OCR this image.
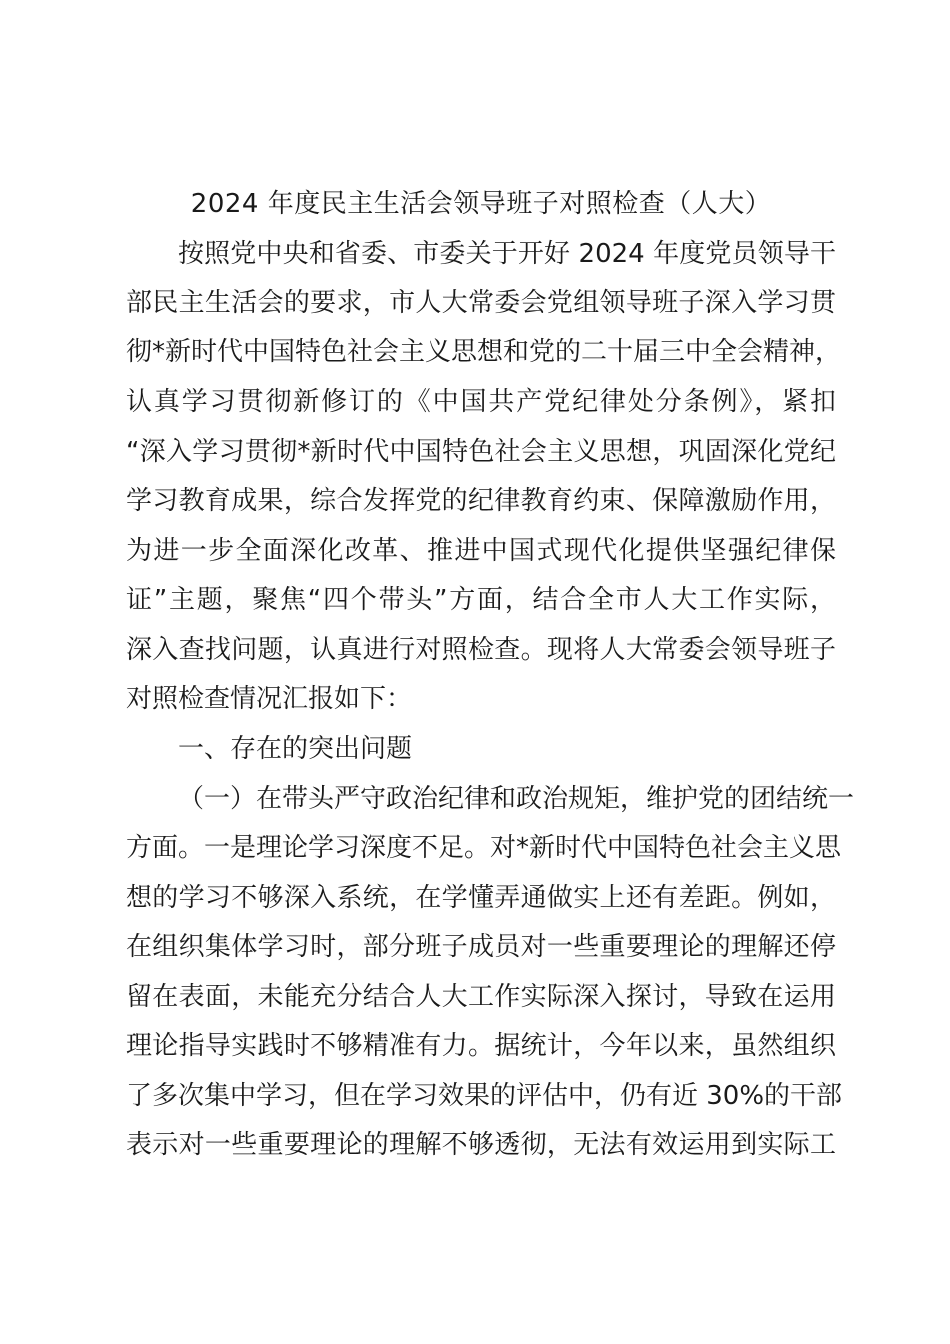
2024 年度民主生活会领导班子对照检查（人大）
按照党中央和省委、市委关于开好 2024 年度党员领导干
部民主生活会的要求，市人大常委会党组领导班子深入学习贯
彻*新时代中国特色社会主义思想和党的二十届三中全会精神，
认真学习贯彻新修订的《中国共产党纪律处分条例》，紧扣
“深入学习贯彻*新时代中国特色社会主义思想，巩固深化党纪
学习教育成果，综合发挥党的纪律教育约束、保障激励作用，
为进一步全面深化改革、推进中国式现代化提供坚强纪律保
证”主题，聚焦“四个带头”方面，结合全市人大工作实际，
深入查找问题，认真进行对照检查。现将人大常委会领导班子
对照检查情况汇报如下：
一、存在的突出问题
（一）在带头严守政治纪律和政治规矩，维护党的团结统一
方面。一是理论学习深度不足。对*新时代中国特色社会主义思
想的学习不够深入系统，在学懂弄通做实上还有差距。例如，
在组织集体学习时，部分班子成员对一些重要理论的理解还停
留在表面，未能充分结合人大工作实际深入探讨，导致在运用
理论指导实践时不够精准有力。据统计，今年以来，虽然组织
了多次集中学习，但在学习效果的评估中，仍有近 30%的干部
表示对一些重要理论的理解不够透彻，无法有效运用到实际工
